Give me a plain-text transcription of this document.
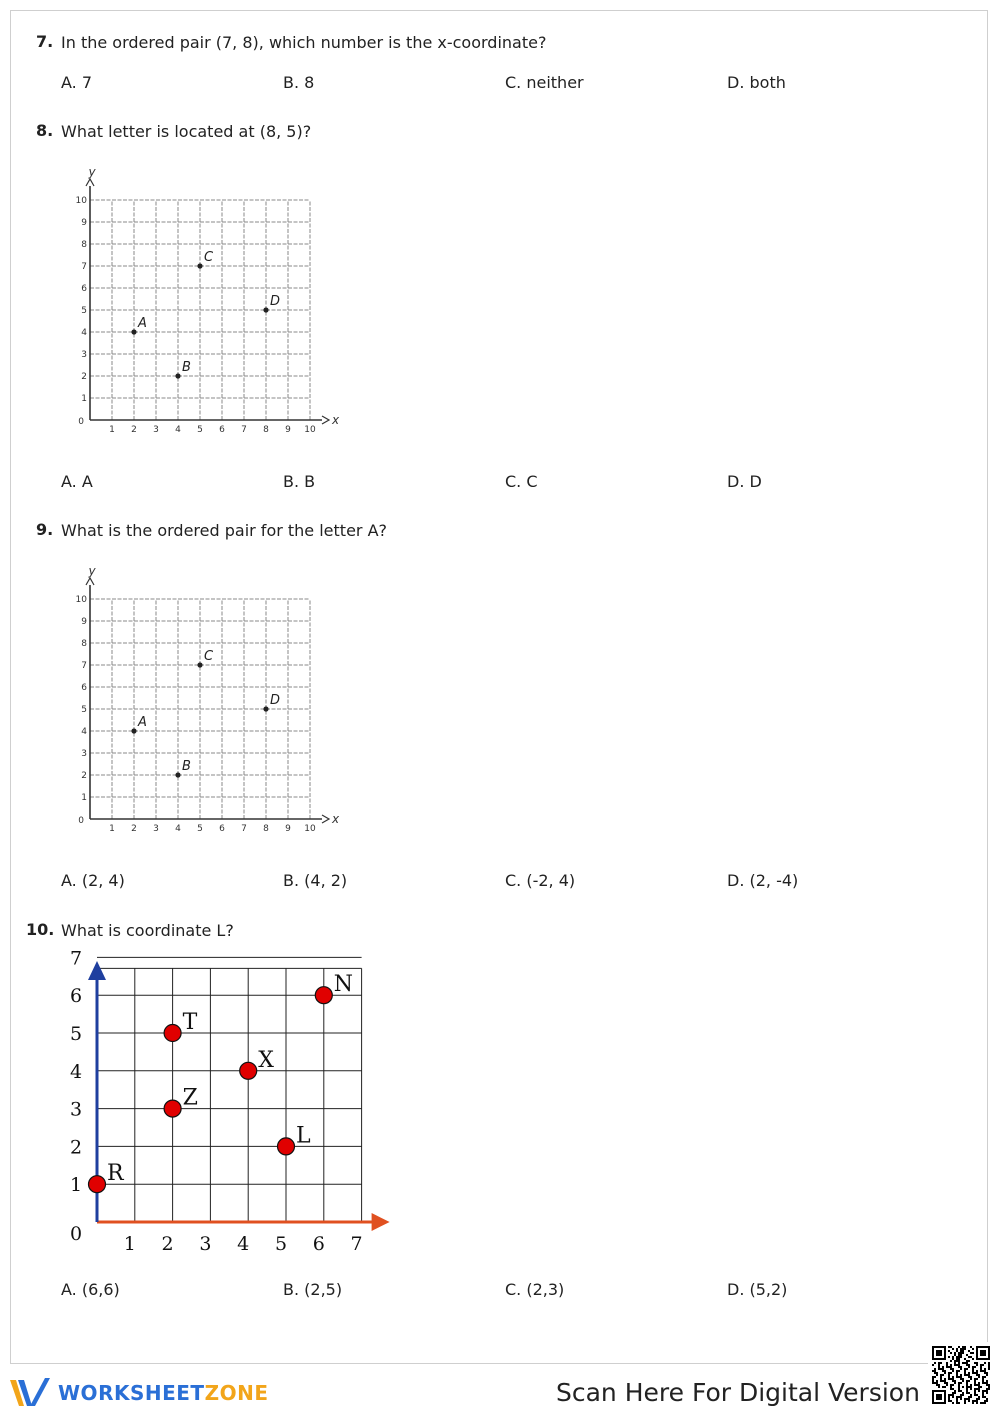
7. In the ordered pair (7, 8), which number is the x-coordinate?
A. 7	B. 8	C. neither	D. both
8. What letter is located at (8, 5)?
x
y
0
1 2 3 4 5 6 7 8 9 10
1
2
3
4
5
6
7
8
9
10
A
B
C
D
A. A	B. B	C. C	D. D
9. What is the ordered pair for the letter A?
x
y
0
1 2 3 4 5 6 7 8 9 10
1
2
3
4
5
6
7
8
9
10
A
B
C
D
A. (2, 4)	B. (4, 2)	C. (-2, 4)	D. (2, -4)
10. What is coordinate L?
1 2 3 4 5 6 7
0
1
2
3
4
5
6
7
R
Z
T
X
L
N
A. (6,6)	B. (2,5)	C. (2,3)	D. (5,2)
WORKSHEETZONE	Scan Here For Digital Version
